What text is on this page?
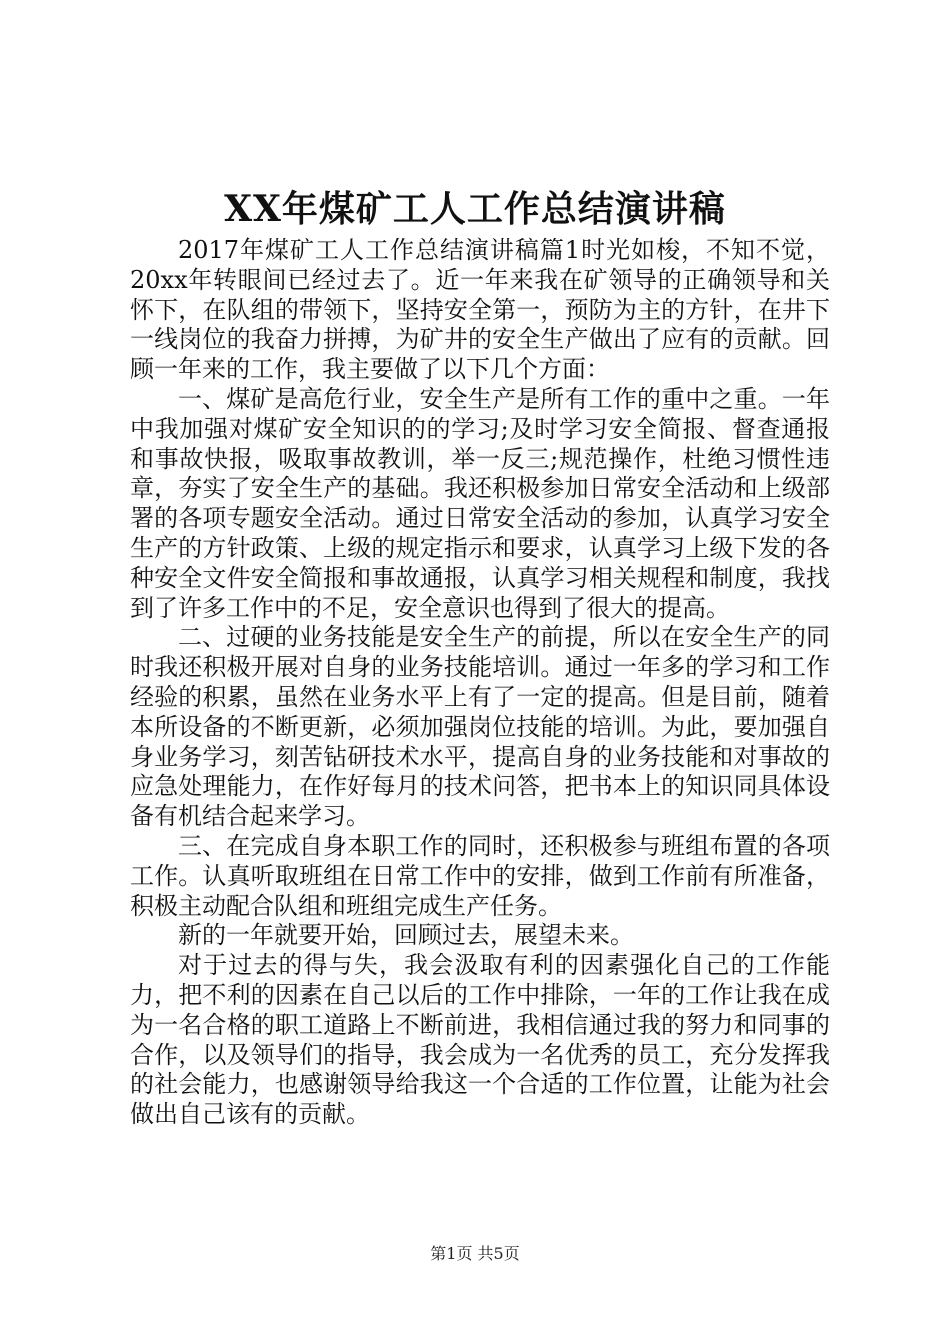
XX年煤矿工人工作总结演讲稿

2017年煤矿工人工作总结演讲稿篇1时光如梭，不知不觉，20xx年转眼间已经过去了。近一年来我在矿领导的正确领导和关怀下，在队组的带领下，坚持安全第一，预防为主的方针，在井下一线岗位的我奋力拼搏，为矿井的安全生产做出了应有的贡献。回顾一年来的工作，我主要做了以下几个方面：

一、煤矿是高危行业，安全生产是所有工作的重中之重。一年中我加强对煤矿安全知识的的学习;及时学习安全简报、督查通报和事故快报，吸取事故教训，举一反三;规范操作，杜绝习惯性违章，夯实了安全生产的基础。我还积极参加日常安全活动和上级部署的各项专题安全活动。通过日常安全活动的参加，认真学习安全生产的方针政策、上级的规定指示和要求，认真学习上级下发的各种安全文件安全简报和事故通报，认真学习相关规程和制度，我找到了许多工作中的不足，安全意识也得到了很大的提高。

二、过硬的业务技能是安全生产的前提，所以在安全生产的同时我还积极开展对自身的业务技能培训。通过一年多的学习和工作经验的积累，虽然在业务水平上有了一定的提高。但是目前，随着本所设备的不断更新，必须加强岗位技能的培训。为此，要加强自身业务学习，刻苦钻研技术水平，提高自身的业务技能和对事故的应急处理能力，在作好每月的技术问答，把书本上的知识同具体设备有机结合起来学习。

三、在完成自身本职工作的同时，还积极参与班组布置的各项工作。认真听取班组在日常工作中的安排，做到工作前有所准备，积极主动配合队组和班组完成生产任务。

新的一年就要开始，回顾过去，展望未来。

对于过去的得与失，我会汲取有利的因素强化自己的工作能力，把不利的因素在自己以后的工作中排除，一年的工作让我在成为一名合格的职工道路上不断前进，我相信通过我的努力和同事的合作，以及领导们的指导，我会成为一名优秀的员工，充分发挥我的社会能力，也感谢领导给我这一个合适的工作位置，让能为社会做出自己该有的贡献。

第1页 共5页
